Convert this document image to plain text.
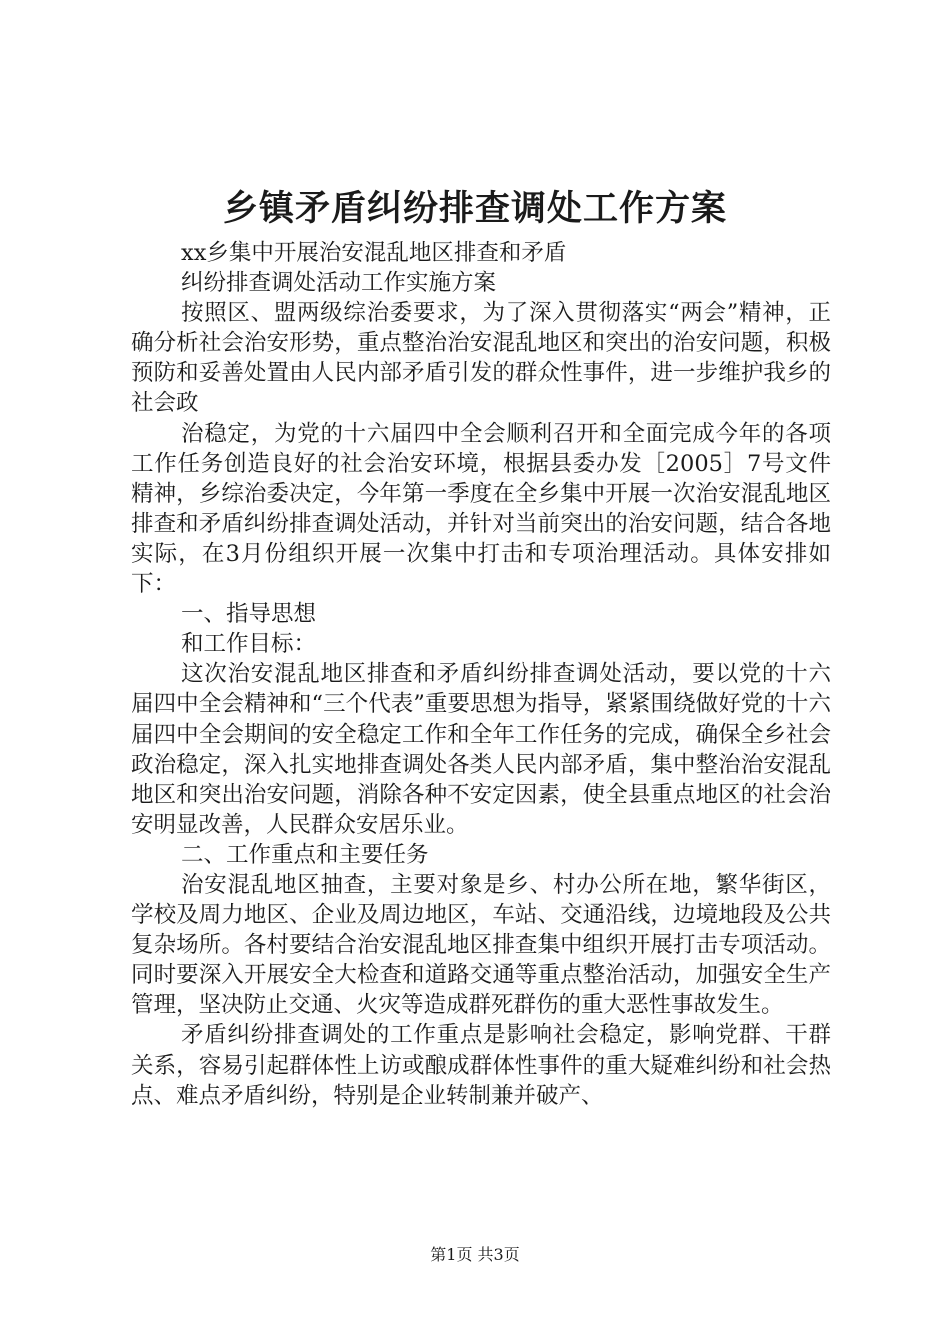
乡镇矛盾纠纷排查调处工作方案

xx乡集中开展治安混乱地区排查和矛盾

纠纷排查调处活动工作实施方案

按照区、盟两级综治委要求，为了深入贯彻落实“两会”精神，正确分析社会治安形势，重点整治治安混乱地区和突出的治安问题，积极预防和妥善处置由人民内部矛盾引发的群众性事件，进一步维护我乡的社会政

治稳定，为党的十六届四中全会顺利召开和全面完成今年的各项工作任务创造良好的社会治安环境，根据县委办发［2005］7号文件精神，乡综治委决定，今年第一季度在全乡集中开展一次治安混乱地区排查和矛盾纠纷排查调处活动，并针对当前突出的治安问题，结合各地实际，在3月份组织开展一次集中打击和专项治理活动。具体安排如下：

一、指导思想

和工作目标：

这次治安混乱地区排查和矛盾纠纷排查调处活动，要以党的十六届四中全会精神和“三个代表”重要思想为指导，紧紧围绕做好党的十六届四中全会期间的安全稳定工作和全年工作任务的完成，确保全乡社会政治稳定，深入扎实地排查调处各类人民内部矛盾，集中整治治安混乱地区和突出治安问题，消除各种不安定因素，使全县重点地区的社会治安明显改善，人民群众安居乐业。

二、工作重点和主要任务

治安混乱地区抽查，主要对象是乡、村办公所在地，繁华街区，学校及周力地区、企业及周边地区，车站、交通沿线，边境地段及公共复杂场所。各村要结合治安混乱地区排查集中组织开展打击专项活动。同时要深入开展安全大检查和道路交通等重点整治活动，加强安全生产管理，坚决防止交通、火灾等造成群死群伤的重大恶性事故发生。

矛盾纠纷排查调处的工作重点是影响社会稳定，影响党群、干群关系，容易引起群体性上访或酿成群体性事件的重大疑难纠纷和社会热点、难点矛盾纠纷，特别是企业转制兼并破产、

第1页 共3页
